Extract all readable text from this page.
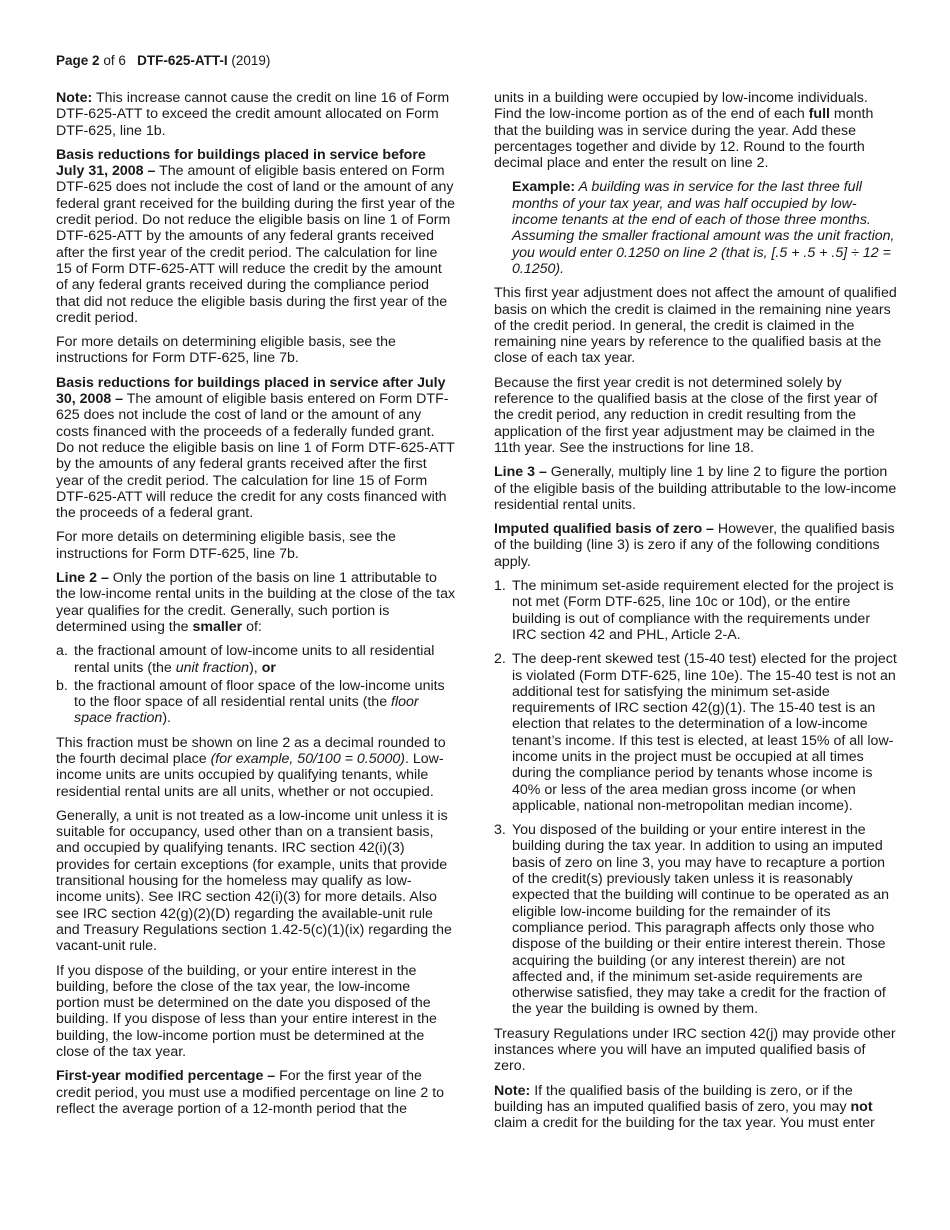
Page 2 of 6 DTF-625-ATT-I (2019)

Note: This increase cannot cause the credit on line 16 of Form DTF-625-ATT to exceed the credit amount allocated on Form DTF-625, line 1b.

Basis reductions for buildings placed in service before July 31, 2008 – The amount of eligible basis entered on Form DTF-625 does not include the cost of land or the amount of any federal grant received for the building during the first year of the credit period. Do not reduce the eligible basis on line 1 of Form DTF-625-ATT by the amounts of any federal grants received after the first year of the credit period. The calculation for line 15 of Form DTF-625-ATT will reduce the credit by the amount of any federal grants received during the compliance period that did not reduce the eligible basis during the first year of the credit period.

For more details on determining eligible basis, see the instructions for Form DTF-625, line 7b.

Basis reductions for buildings placed in service after July 30, 2008 – The amount of eligible basis entered on Form DTF-625 does not include the cost of land or the amount of any costs financed with the proceeds of a federally funded grant. Do not reduce the eligible basis on line 1 of Form DTF-625-ATT by the amounts of any federal grants received after the first year of the credit period. The calculation for line 15 of Form DTF-625-ATT will reduce the credit for any costs financed with the proceeds of a federal grant.

For more details on determining eligible basis, see the instructions for Form DTF-625, line 7b.

Line 2 – Only the portion of the basis on line 1 attributable to the low-income rental units in the building at the close of the tax year qualifies for the credit. Generally, such portion is determined using the smaller of:

a. the fractional amount of low-income units to all residential rental units (the unit fraction), or
b. the fractional amount of floor space of the low-income units to the floor space of all residential rental units (the floor space fraction).

This fraction must be shown on line 2 as a decimal rounded to the fourth decimal place (for example, 50/100 = 0.5000). Low-income units are units occupied by qualifying tenants, while residential rental units are all units, whether or not occupied.

Generally, a unit is not treated as a low-income unit unless it is suitable for occupancy, used other than on a transient basis, and occupied by qualifying tenants. IRC section 42(i)(3) provides for certain exceptions (for example, units that provide transitional housing for the homeless may qualify as low-income units). See IRC section 42(i)(3) for more details. Also see IRC section 42(g)(2)(D) regarding the available-unit rule and Treasury Regulations section 1.42-5(c)(1)(ix) regarding the vacant-unit rule.

If you dispose of the building, or your entire interest in the building, before the close of the tax year, the low-income portion must be determined on the date you disposed of the building. If you dispose of less than your entire interest in the building, the low-income portion must be determined at the close of the tax year.

First-year modified percentage – For the first year of the credit period, you must use a modified percentage on line 2 to reflect the average portion of a 12-month period that the

units in a building were occupied by low-income individuals. Find the low-income portion as of the end of each full month that the building was in service during the year. Add these percentages together and divide by 12. Round to the fourth decimal place and enter the result on line 2.

Example: A building was in service for the last three full months of your tax year, and was half occupied by low-income tenants at the end of each of those three months. Assuming the smaller fractional amount was the unit fraction, you would enter 0.1250 on line 2 (that is, [.5 + .5 + .5] ÷ 12 = 0.1250).

This first year adjustment does not affect the amount of qualified basis on which the credit is claimed in the remaining nine years of the credit period. In general, the credit is claimed in the remaining nine years by reference to the qualified basis at the close of each tax year.

Because the first year credit is not determined solely by reference to the qualified basis at the close of the first year of the credit period, any reduction in credit resulting from the application of the first year adjustment may be claimed in the 11th year. See the instructions for line 18.

Line 3 – Generally, multiply line 1 by line 2 to figure the portion of the eligible basis of the building attributable to the low-income residential rental units.

Imputed qualified basis of zero – However, the qualified basis of the building (line 3) is zero if any of the following conditions apply.

1. The minimum set-aside requirement elected for the project is not met (Form DTF-625, line 10c or 10d), or the entire building is out of compliance with the requirements under IRC section 42 and PHL, Article 2-A.
2. The deep-rent skewed test (15-40 test) elected for the project is violated (Form DTF-625, line 10e). The 15-40 test is not an additional test for satisfying the minimum set-aside requirements of IRC section 42(g)(1). The 15-40 test is an election that relates to the determination of a low-income tenant’s income. If this test is elected, at least 15% of all low-income units in the project must be occupied at all times during the compliance period by tenants whose income is 40% or less of the area median gross income (or when applicable, national non-metropolitan median income).
3. You disposed of the building or your entire interest in the building during the tax year. In addition to using an imputed basis of zero on line 3, you may have to recapture a portion of the credit(s) previously taken unless it is reasonably expected that the building will continue to be operated as an eligible low-income building for the remainder of its compliance period. This paragraph affects only those who dispose of the building or their entire interest therein. Those acquiring the building (or any interest therein) are not affected and, if the minimum set-aside requirements are otherwise satisfied, they may take a credit for the fraction of the year the building is owned by them.

Treasury Regulations under IRC section 42(j) may provide other instances where you will have an imputed qualified basis of zero.

Note: If the qualified basis of the building is zero, or if the building has an imputed qualified basis of zero, you may not claim a credit for the building for the tax year. You must enter
